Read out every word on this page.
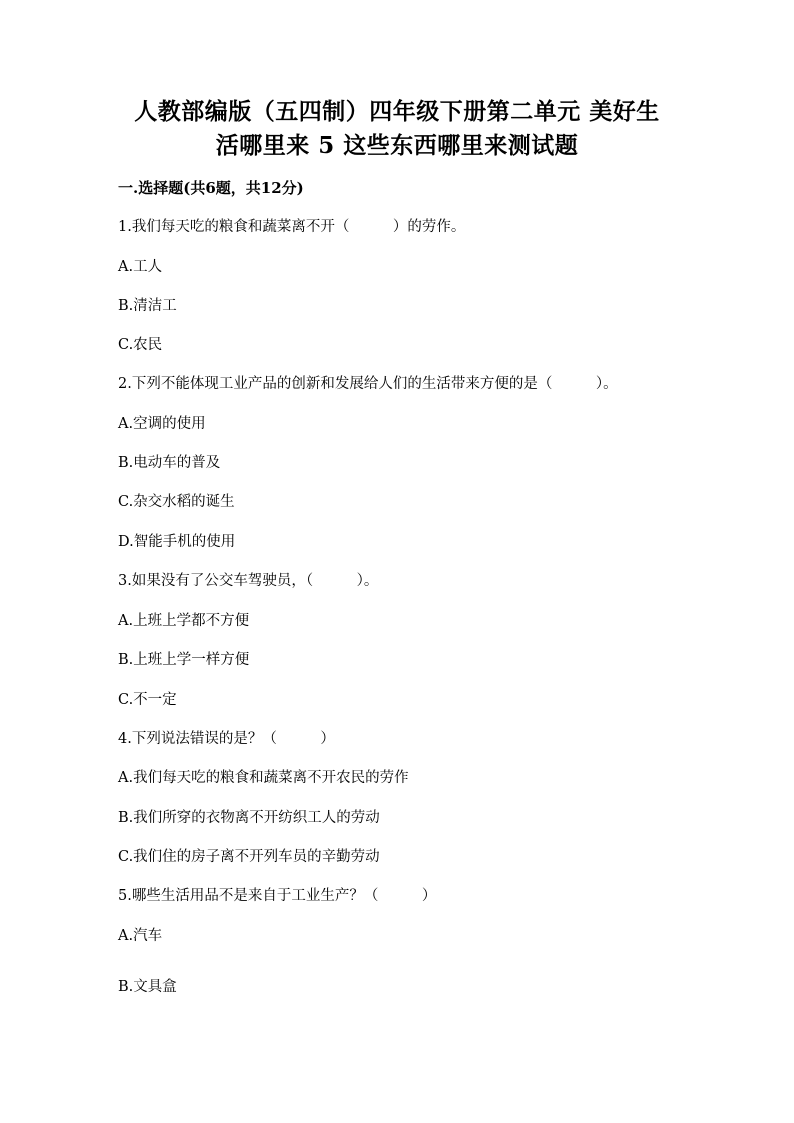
人教部编版（五四制）四年级下册第二单元 美好生
活哪里来 5 这些东西哪里来测试题
一.选择题(共6题，共12分)
1.我们每天吃的粮食和蔬菜离不开（　　　）的劳作。
A.工人
B.清洁工
C.农民
2.下列不能体现工业产品的创新和发展给人们的生活带来方便的是（　　　）。
A.空调的使用
B.电动车的普及
C.杂交水稻的诞生
D.智能手机的使用
3.如果没有了公交车驾驶员，（　　　）。
A.上班上学都不方便
B.上班上学一样方便
C.不一定
4.下列说法错误的是？（　　　）
A.我们每天吃的粮食和蔬菜离不开农民的劳作
B.我们所穿的衣物离不开纺织工人的劳动
C.我们住的房子离不开列车员的辛勤劳动
5.哪些生活用品不是来自于工业生产？（　　　）
A.汽车
B.文具盒
